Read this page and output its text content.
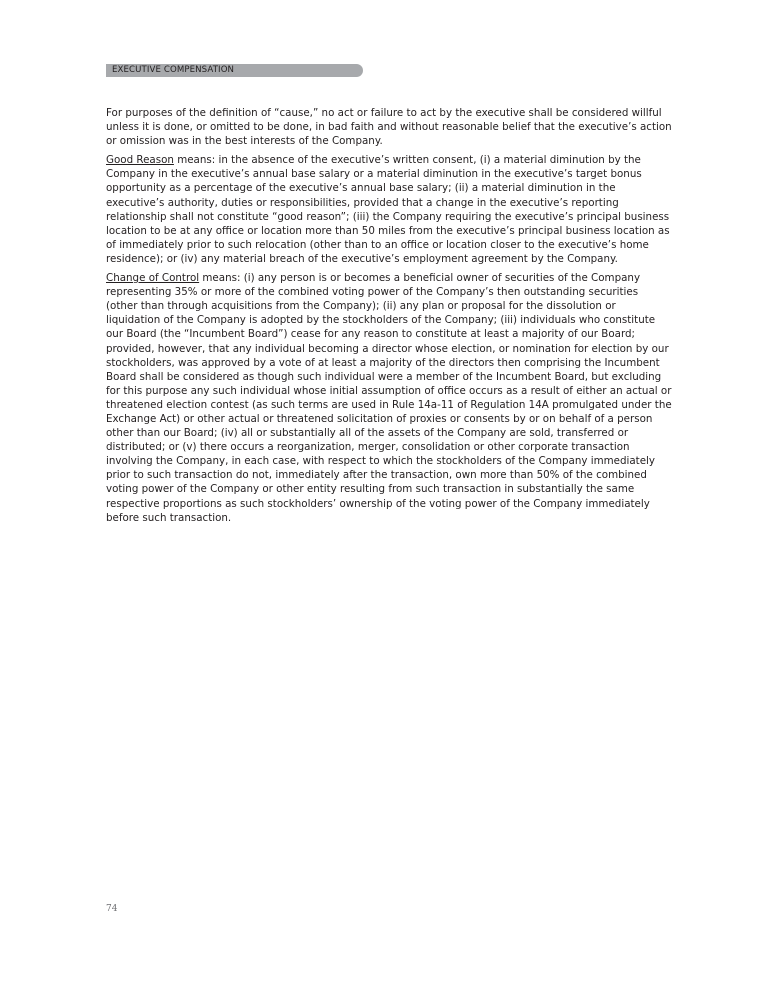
EXECUTIVE COMPENSATION

For purposes of the definition of “cause,” no act or failure to act by the executive shall be considered willful unless it is done, or omitted to be done, in bad faith and without reasonable belief that the executive’s action or omission was in the best interests of the Company.

Good Reason means: in the absence of the executive’s written consent, (i) a material diminution by the Company in the executive’s annual base salary or a material diminution in the executive’s target bonus opportunity as a percentage of the executive’s annual base salary; (ii) a material diminution in the executive’s authority, duties or responsibilities, provided that a change in the executive’s reporting relationship shall not constitute “good reason”; (iii) the Company requiring the executive’s principal business location to be at any office or location more than 50 miles from the executive’s principal business location as of immediately prior to such relocation (other than to an office or location closer to the executive’s home residence); or (iv) any material breach of the executive’s employment agreement by the Company.

Change of Control means: (i) any person is or becomes a beneficial owner of securities of the Company representing 35% or more of the combined voting power of the Company’s then outstanding securities (other than through acquisitions from the Company); (ii) any plan or proposal for the dissolution or liquidation of the Company is adopted by the stockholders of the Company; (iii) individuals who constitute our Board (the “Incumbent Board”) cease for any reason to constitute at least a majority of our Board; provided, however, that any individual becoming a director whose election, or nomination for election by our stockholders, was approved by a vote of at least a majority of the directors then comprising the Incumbent Board shall be considered as though such individual were a member of the Incumbent Board, but excluding for this purpose any such individual whose initial assumption of office occurs as a result of either an actual or threatened election contest (as such terms are used in Rule 14a-11 of Regulation 14A promulgated under the Exchange Act) or other actual or threatened solicitation of proxies or consents by or on behalf of a person other than our Board; (iv) all or substantially all of the assets of the Company are sold, transferred or distributed; or (v) there occurs a reorganization, merger, consolidation or other corporate transaction involving the Company, in each case, with respect to which the stockholders of the Company immediately prior to such transaction do not, immediately after the transaction, own more than 50% of the combined voting power of the Company or other entity resulting from such transaction in substantially the same respective proportions as such stockholders’ ownership of the voting power of the Company immediately before such transaction.

74
